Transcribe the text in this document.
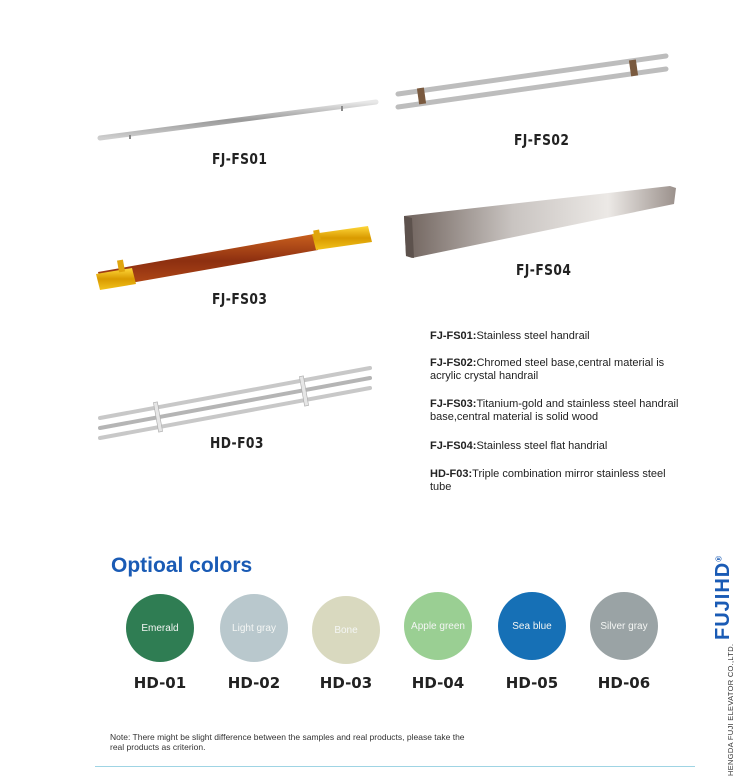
FJ-FS01
FJ-FS02
FJ-FS03
FJ-FS04
HD-F03
FJ-FS01:Stainless steel handrail
FJ-FS02:Chromed steel base,central material is acrylic crystal handrail
FJ-FS03:Titanium-gold and stainless steel handrail base,central material is solid wood
FJ-FS04:Stainless steel flat handrial
HD-F03:Triple combination mirror stainless steel tube
Optioal colors
Emerald	Light gray	Bone	Apple green	Sea blue	Silver gray
HD-01	HD-02	HD-03	HD-04	HD-05	HD-06
Note: There might be slight difference between the samples and real products, please take the real products as criterion.
FUJIHD®
HENGDA FUJI ELEVATOR CO.,LTD.
